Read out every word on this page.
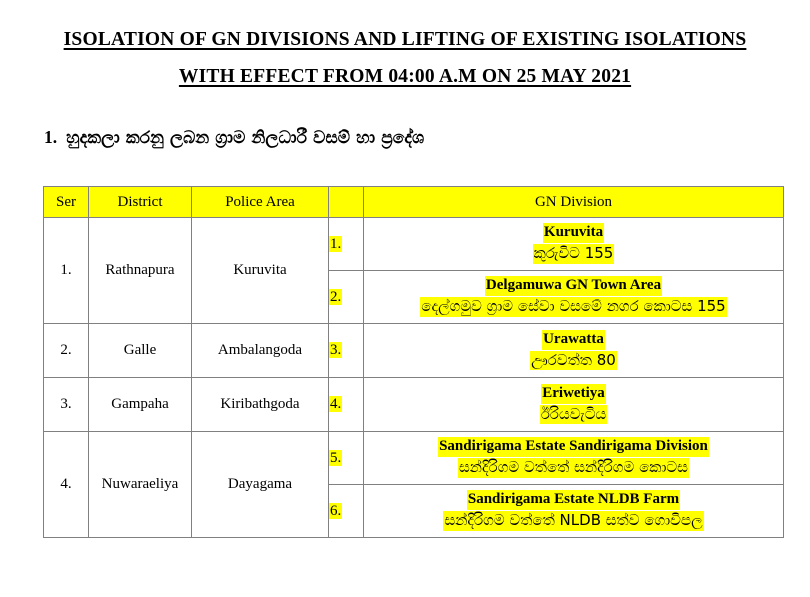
ISOLATION OF GN DIVISIONS AND LIFTING OF EXISTING ISOLATIONS
WITH EFFECT FROM 04:00 A.M ON 25 MAY 2021
1. හුදකලා කරනු ලබන ග්‍රාම නිලධාරී වසම් හා ප්‍රදේශ
Ser	District	Police Area		GN Division
1.	Rathnapura	Kuruvita	1.	Kuruvita
කුරුවිට 155

			2.	Delgamuwa GN Town Area
දෙල්ගමුව ග්‍රාම සේවා වසමේ නගර කොටස 155

2.	Galle	Ambalangoda	3.	Urawatta
ඌරවත්ත 80

3.	Gampaha	Kiribathgoda	4.	Eriwetiya
ඊරියවැටිය

4.	Nuwaraeliya	Dayagama	5.	Sandirigama Estate Sandirigama Division
සන්දිරිගම වත්තේ සන්දිරිගම කොටස

			6.	Sandirigama Estate NLDB Farm
සන්දිරිගම වත්තේ NLDB සත්ව ගොවිපල
